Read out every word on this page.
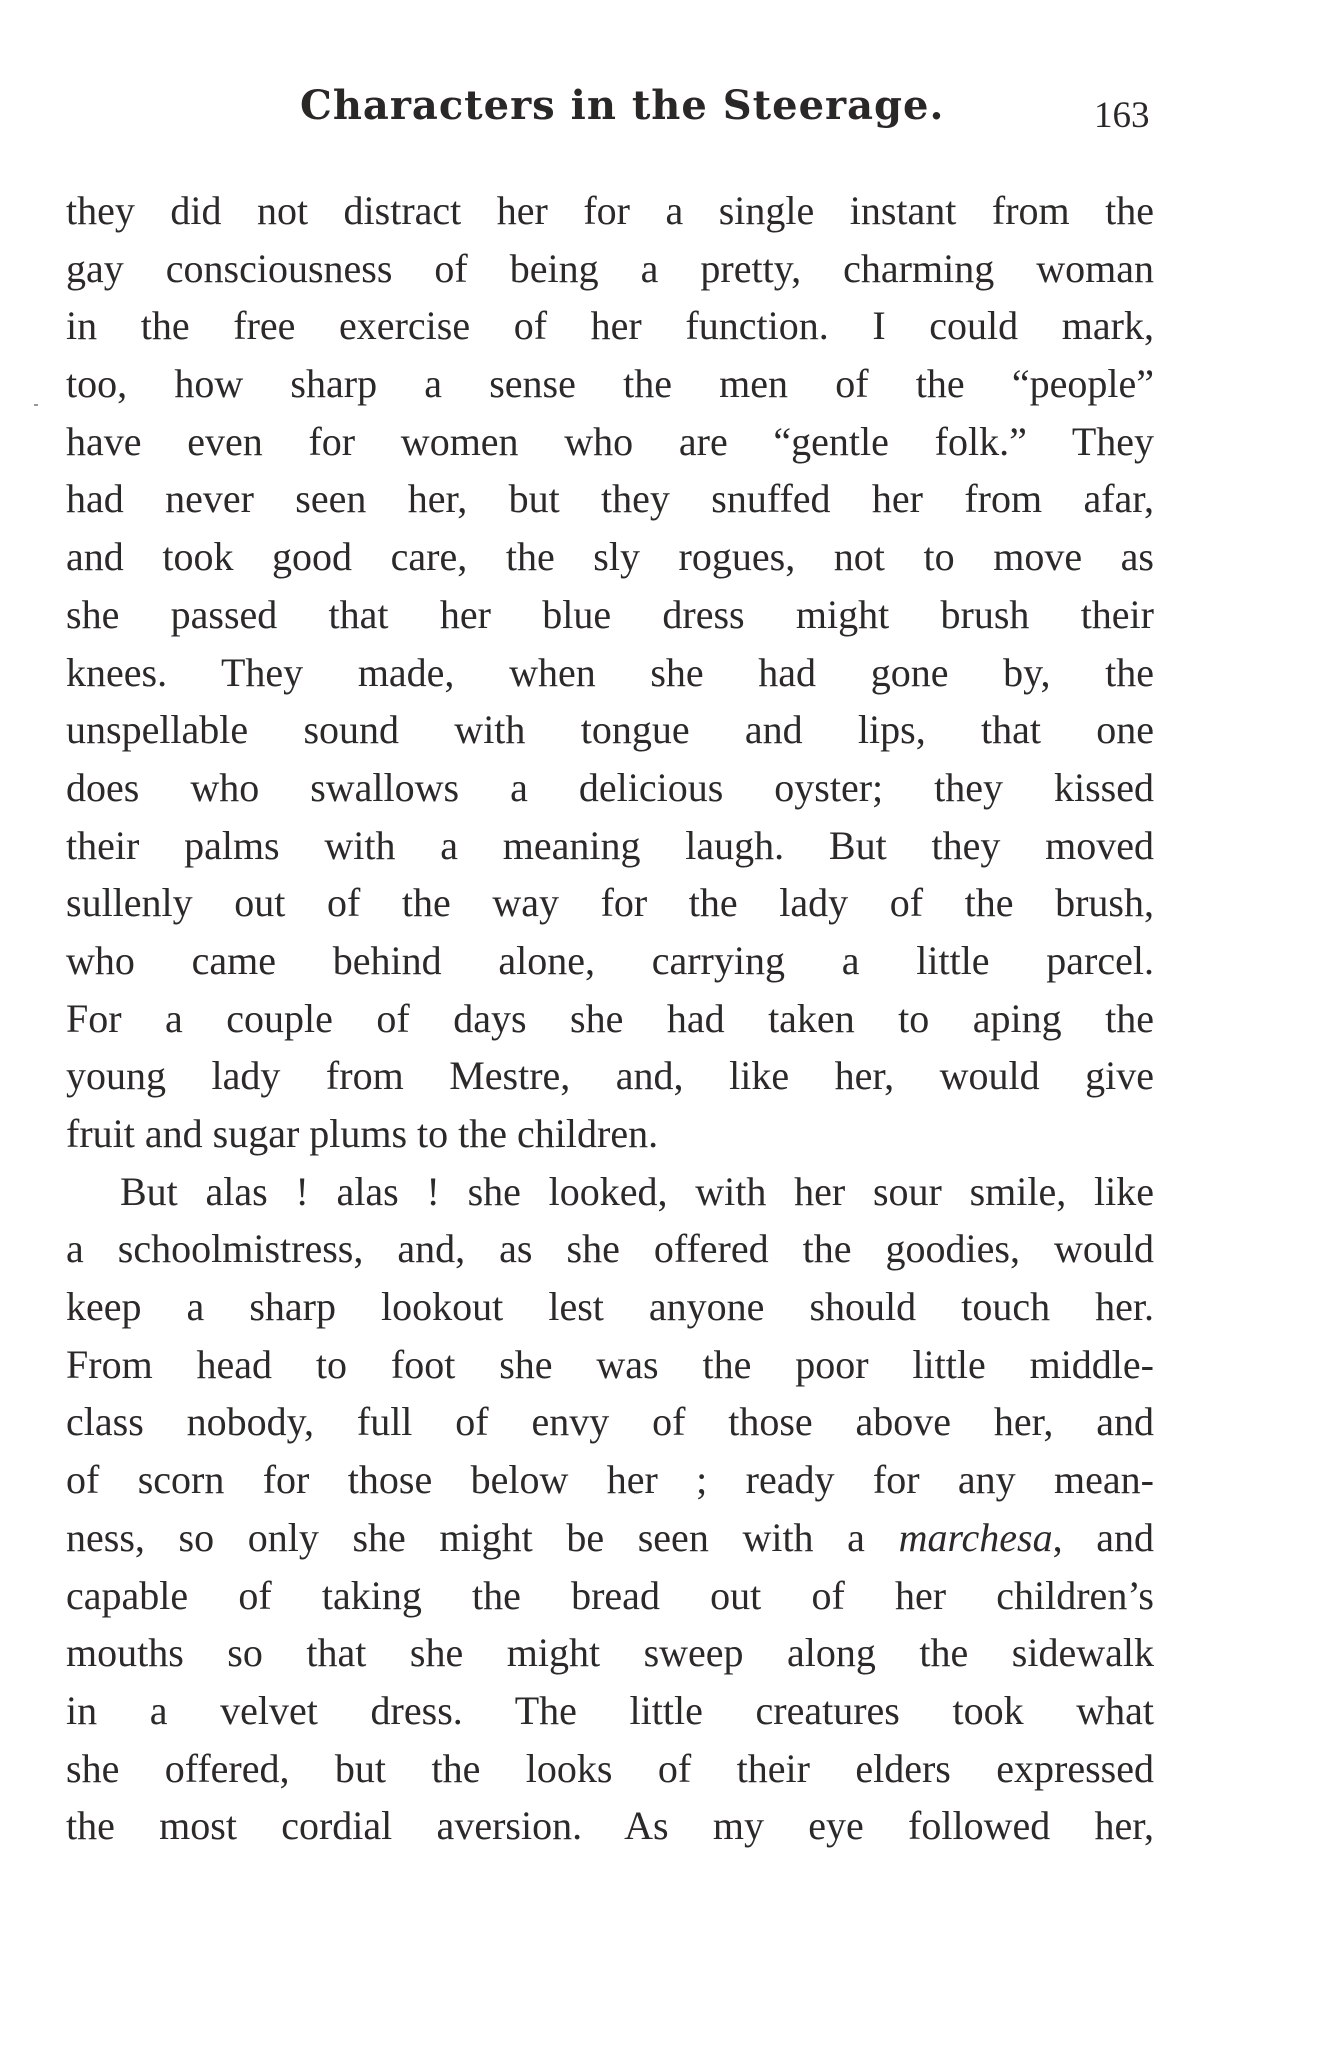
Characters in the Steerage.	163
they did not distract her for a single instant from the
gay consciousness of being a pretty, charming woman
in the free exercise of her function. I could mark,
too, how sharp a sense the men of the “people”
have even for women who are “gentle folk.” They
had never seen her, but they snuffed her from afar,
and took good care, the sly rogues, not to move as
she passed that her blue dress might brush their
knees. They made, when she had gone by, the
unspellable sound with tongue and lips, that one
does who swallows a delicious oyster; they kissed
their palms with a meaning laugh. But they moved
sullenly out of the way for the lady of the brush,
who came behind alone, carrying a little parcel.
For a couple of days she had taken to aping the
young lady from Mestre, and, like her, would give
fruit and sugar plums to the children.
But alas ! alas ! she looked, with her sour smile, like
a schoolmistress, and, as she offered the goodies, would
keep a sharp lookout lest anyone should touch her.
From head to foot she was the poor little middle-
class nobody, full of envy of those above her, and
of scorn for those below her ; ready for any mean-
ness, so only she might be seen with a marchesa, and
capable of taking the bread out of her children’s
mouths so that she might sweep along the sidewalk
in a velvet dress. The little creatures took what
she offered, but the looks of their elders expressed
the most cordial aversion. As my eye followed her,
